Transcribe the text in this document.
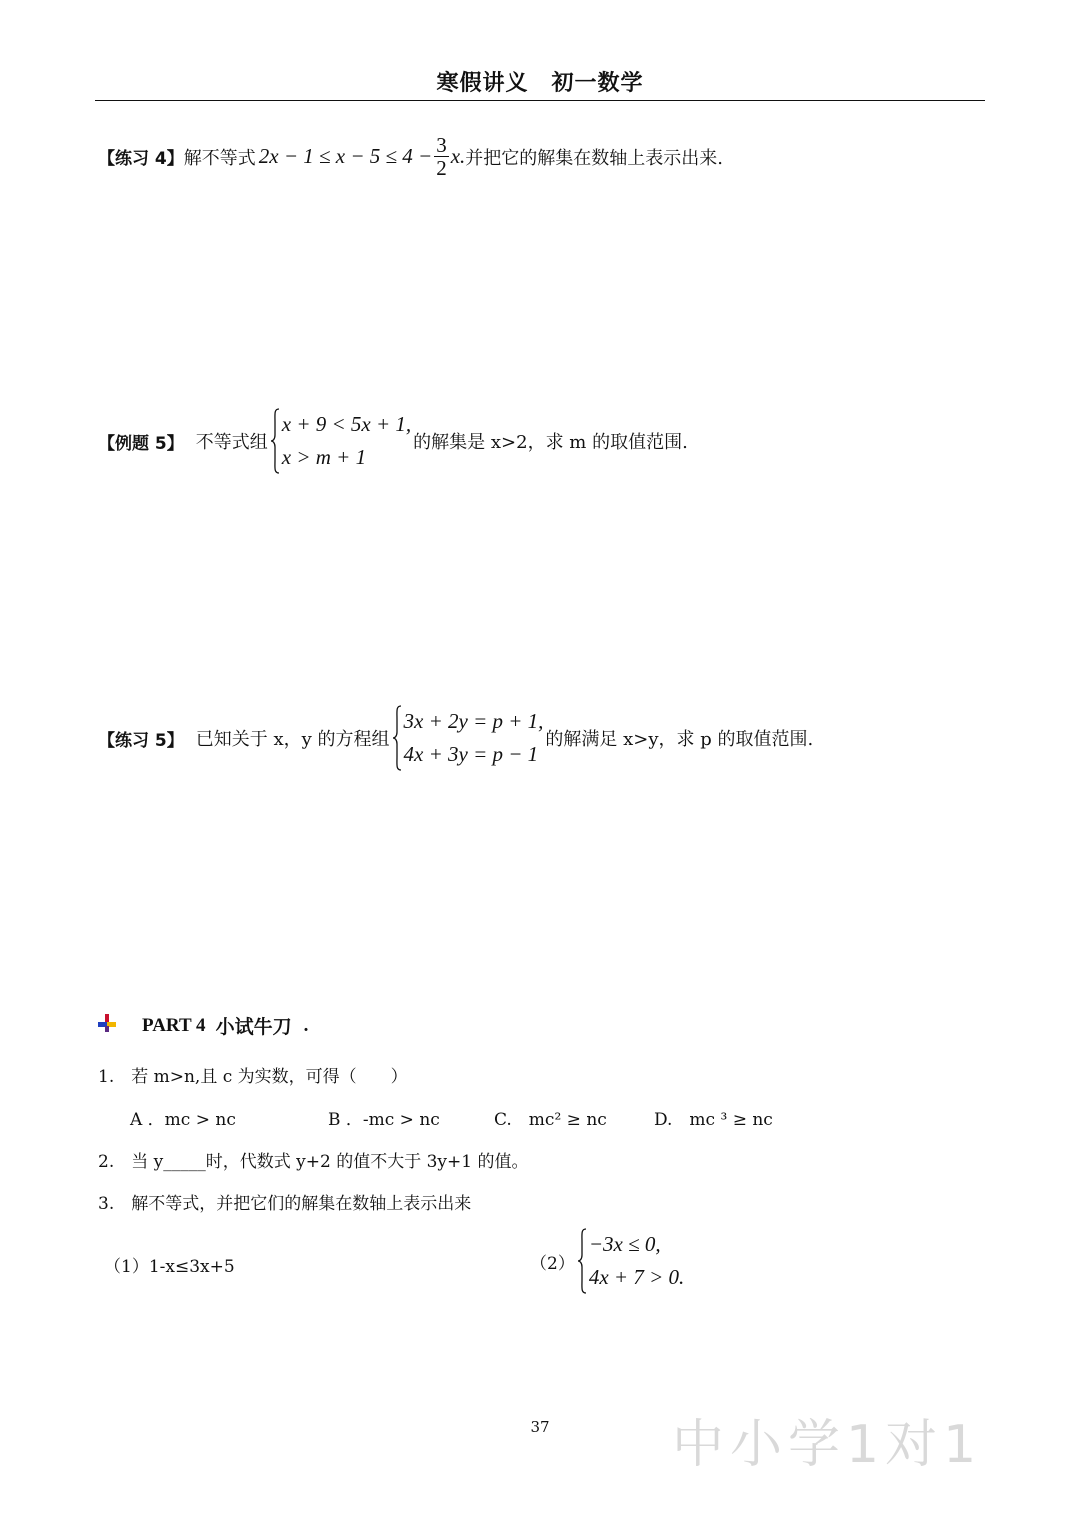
寒假讲义　初一数学
【练习 4】 解不等式 $2x - 1 \le x - 5 \le 4 - \frac{3}{2} x$. 并把它的解集在数轴上表示出来.
【例题 5】 不等式组
x + 9 < 5x + 1,
x > m + 1
的解集是 x>2，求 m 的取值范围.
【练习 5】 已知关于 x，y 的方程组
3x + 2y = p + 1,
4x + 3y = p − 1
的解满足 x>y，求 p 的取值范围.
PART 4 小试牛刀 .
1.　若 m>n,且 c 为实数，可得（　　）
A ．mc > nc	B ．-mc > nc	C.　mc² ≥ nc	D.　mc ³ ≥ nc
2.　当 y_____时，代数式 y+2 的值不大于 3y+1 的值。
3.　解不等式，并把它们的解集在数轴上表示出来
（1）1-x≤3x+5	（2）
−3x ≤ 0,
4x + 7 > 0.
37	中小学1对1
